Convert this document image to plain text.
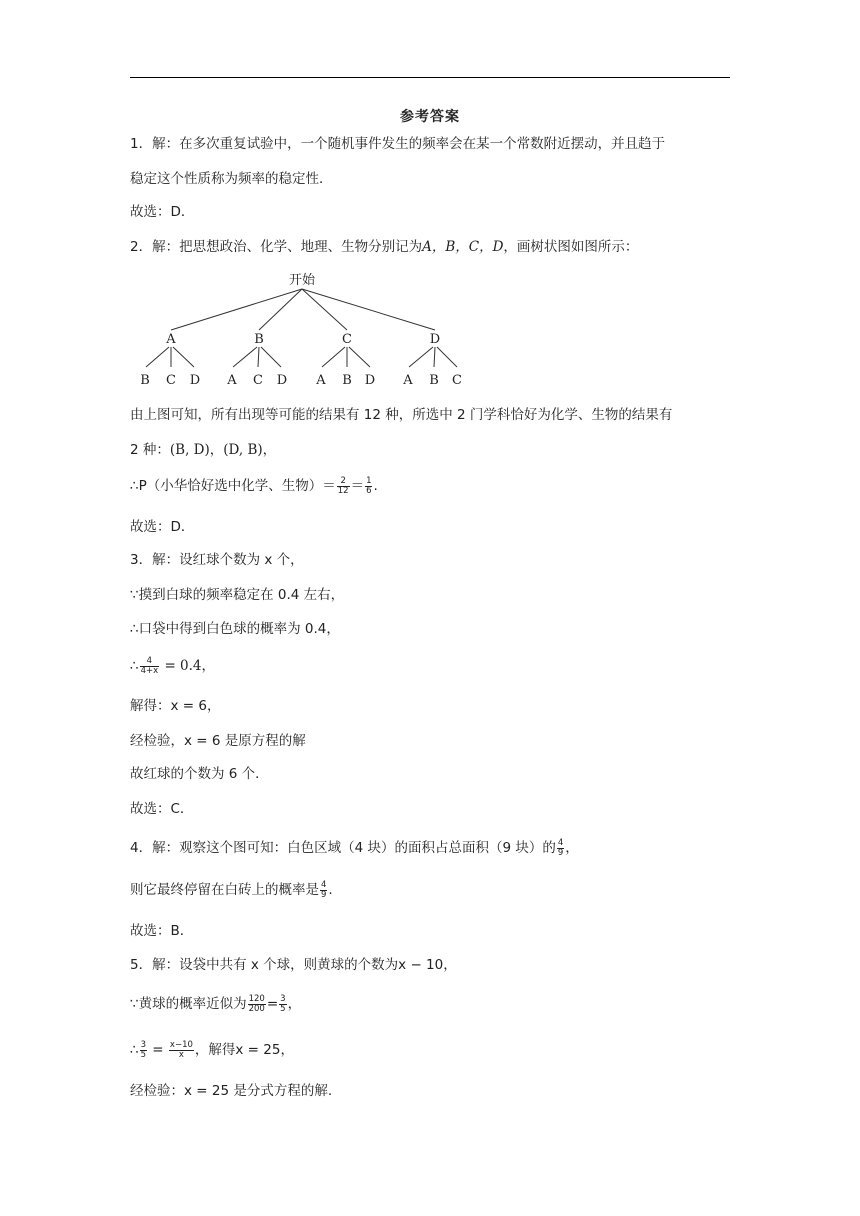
参考答案
1．解：在多次重复试验中，一个随机事件发生的频率会在某一个常数附近摆动，并且趋于
稳定这个性质称为频率的稳定性．
故选：D．
2．解：把思想政治、化学、地理、生物分别记为A，B，C，D，画树状图如图所示：
开始
A	B	C	D
B C D A C D A B D A B C
由上图可知，所有出现等可能的结果有 12 种，所选中 2 门学科恰好为化学、生物的结果有
2 种：(B, D)，(D, B)，
∴P（小华恰好选中化学、生物）＝ $\frac{2}{12} = \frac{1}{6}$ .
故选：D．
3．解：设红球个数为 x 个，
∵摸到白球的频率稳定在 0.4 左右，
∴口袋中得到白色球的概率为 0.4，
∴ $\frac{4}{4+x} = 0.4$，
解得：x = 6，
经检验，x = 6 是原方程的解
故红球的个数为 6 个．
故选：C．
4．解：观察这个图可知：白色区域（4 块）的面积占总面积（9 块）的 $\frac{4}{9}$ ，
则它最终停留在白砖上的概率是 $\frac{4}{9}$ .
故选：B．
5．解：设袋中共有 x 个球，则黄球的个数为x − 10，
∵黄球的概率近似为 $\frac{120}{200} = \frac{3}{5}$ ，
∴ $\frac{3}{5} = \frac{x-10}{x}$ ，解得x = 25，
经检验：x = 25 是分式方程的解.
